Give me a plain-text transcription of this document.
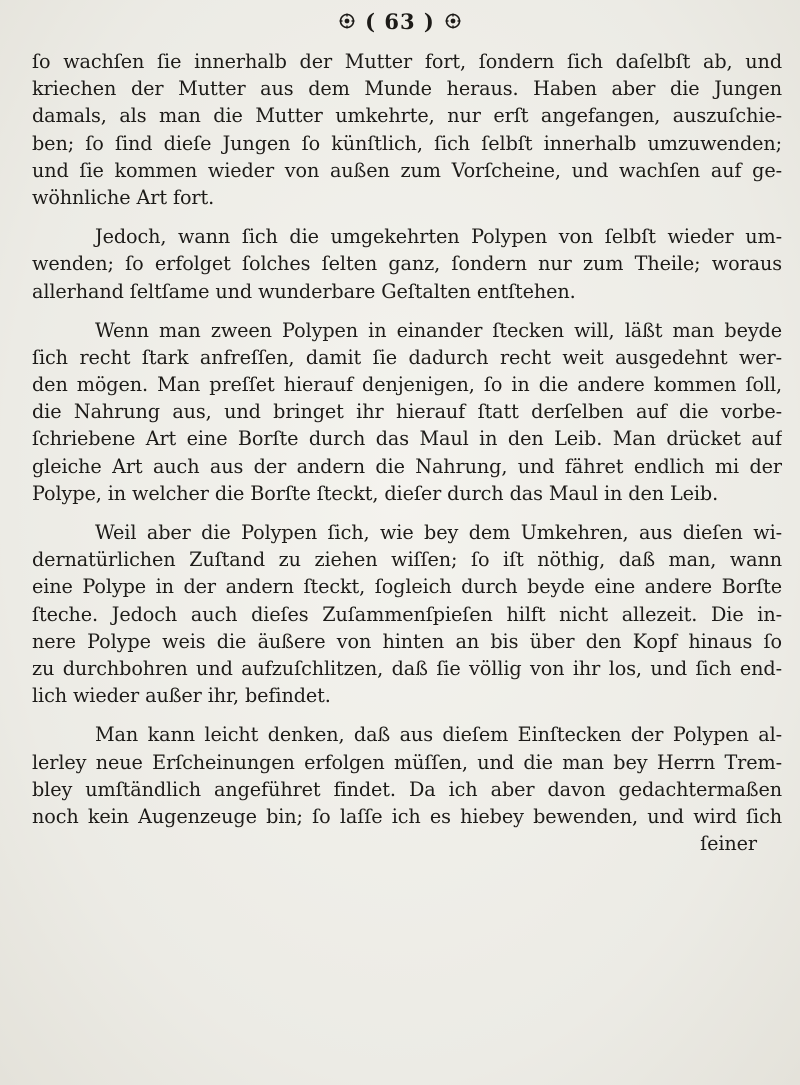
( 63 )
ſo wachſen ſie innerhalb der Mutter fort, ſondern ſich daſelbſt ab, und
kriechen der Mutter aus dem Munde heraus. Haben aber die Jungen
damals, als man die Mutter umkehrte, nur erſt angefangen, auszuſchie-
ben; ſo ſind dieſe Jungen ſo künſtlich, ſich ſelbſt innerhalb umzuwenden;
und ſie kommen wieder von außen zum Vorſcheine, und wachſen auf ge-
wöhnliche Art fort.
Jedoch, wann ſich die umgekehrten Polypen von ſelbſt wieder um-
wenden; ſo erfolget ſolches ſelten ganz, ſondern nur zum Theile; woraus
allerhand ſeltſame und wunderbare Geſtalten entſtehen.
Wenn man zween Polypen in einander ſtecken will, läßt man beyde
ſich recht ſtark anfreſſen, damit ſie dadurch recht weit ausgedehnt wer-
den mögen. Man preſſet hierauf denjenigen, ſo in die andere kommen ſoll,
die Nahrung aus, und bringet ihr hierauf ſtatt derſelben auf die vorbe-
ſchriebene Art eine Borſte durch das Maul in den Leib. Man drücket auf
gleiche Art auch aus der andern die Nahrung, und fähret endlich mi der
Polype, in welcher die Borſte ſteckt, dieſer durch das Maul in den Leib.
Weil aber die Polypen ſich, wie bey dem Umkehren, aus dieſen wi-
dernatürlichen Zuſtand zu ziehen wiſſen; ſo iſt nöthig, daß man, wann
eine Polype in der andern ſteckt, ſogleich durch beyde eine andere Borſte
ſteche. Jedoch auch dieſes Zuſammenſpieſen hilft nicht allezeit. Die in-
nere Polype weis die äußere von hinten an bis über den Kopf hinaus ſo
zu durchbohren und aufzuſchlitzen, daß ſie völlig von ihr los, und ſich end-
lich wieder außer ihr, befindet.
Man kann leicht denken, daß aus dieſem Einſtecken der Polypen al-
lerley neue Erſcheinungen erfolgen müſſen, und die man bey Herrn Trem-
bley umſtändlich angeführet findet. Da ich aber davon gedachtermaßen
noch kein Augenzeuge bin; ſo laſſe ich es hiebey bewenden, und wird ſich
ſeiner
